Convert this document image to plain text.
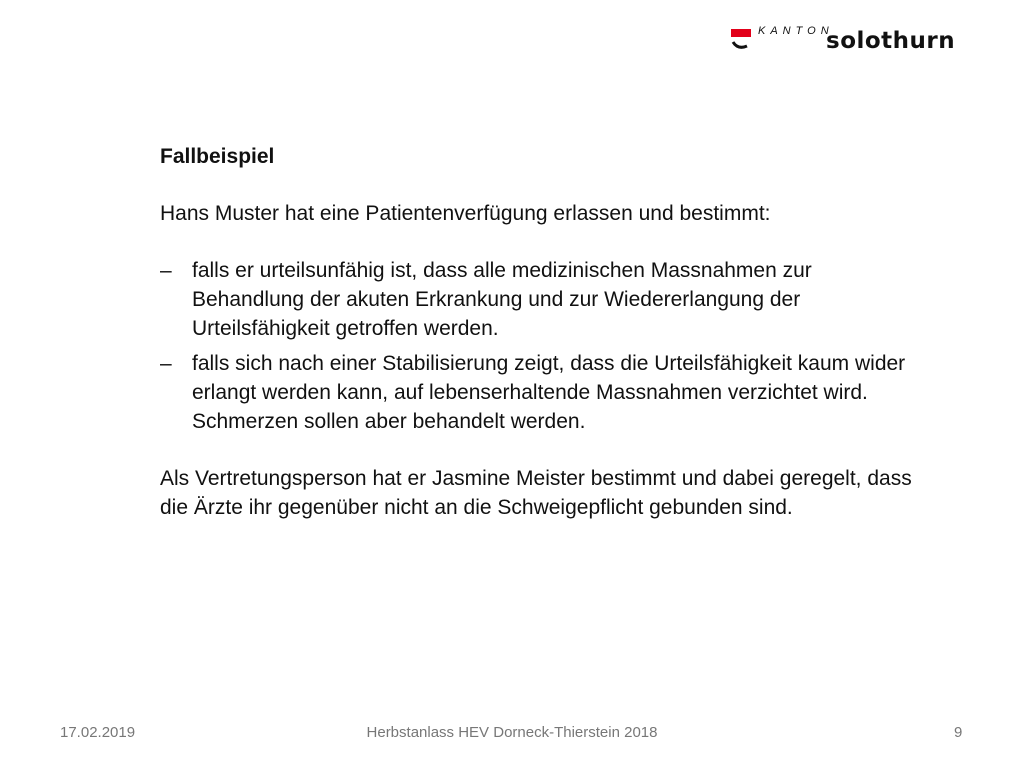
KANTON
solothurn

Fallbeispiel

Hans Muster hat eine Patientenverfügung erlassen und bestimmt:

– falls er urteilsunfähig ist, dass alle medizinischen Massnahmen zur Behandlung der akuten Erkrankung und zur Wiedererlangung der Urteilsfähigkeit getroffen werden.
– falls sich nach einer Stabilisierung zeigt, dass die Urteilsfähigkeit kaum wider erlangt werden kann, auf lebenserhaltende Massnahmen verzichtet wird. Schmerzen sollen aber behandelt werden.

Als Vertretungsperson hat er Jasmine Meister bestimmt und dabei geregelt, dass die Ärzte ihr gegenüber nicht an die Schweigepflicht gebunden sind.

17.02.2019	Herbstanlass HEV Dorneck-Thierstein 2018	9
